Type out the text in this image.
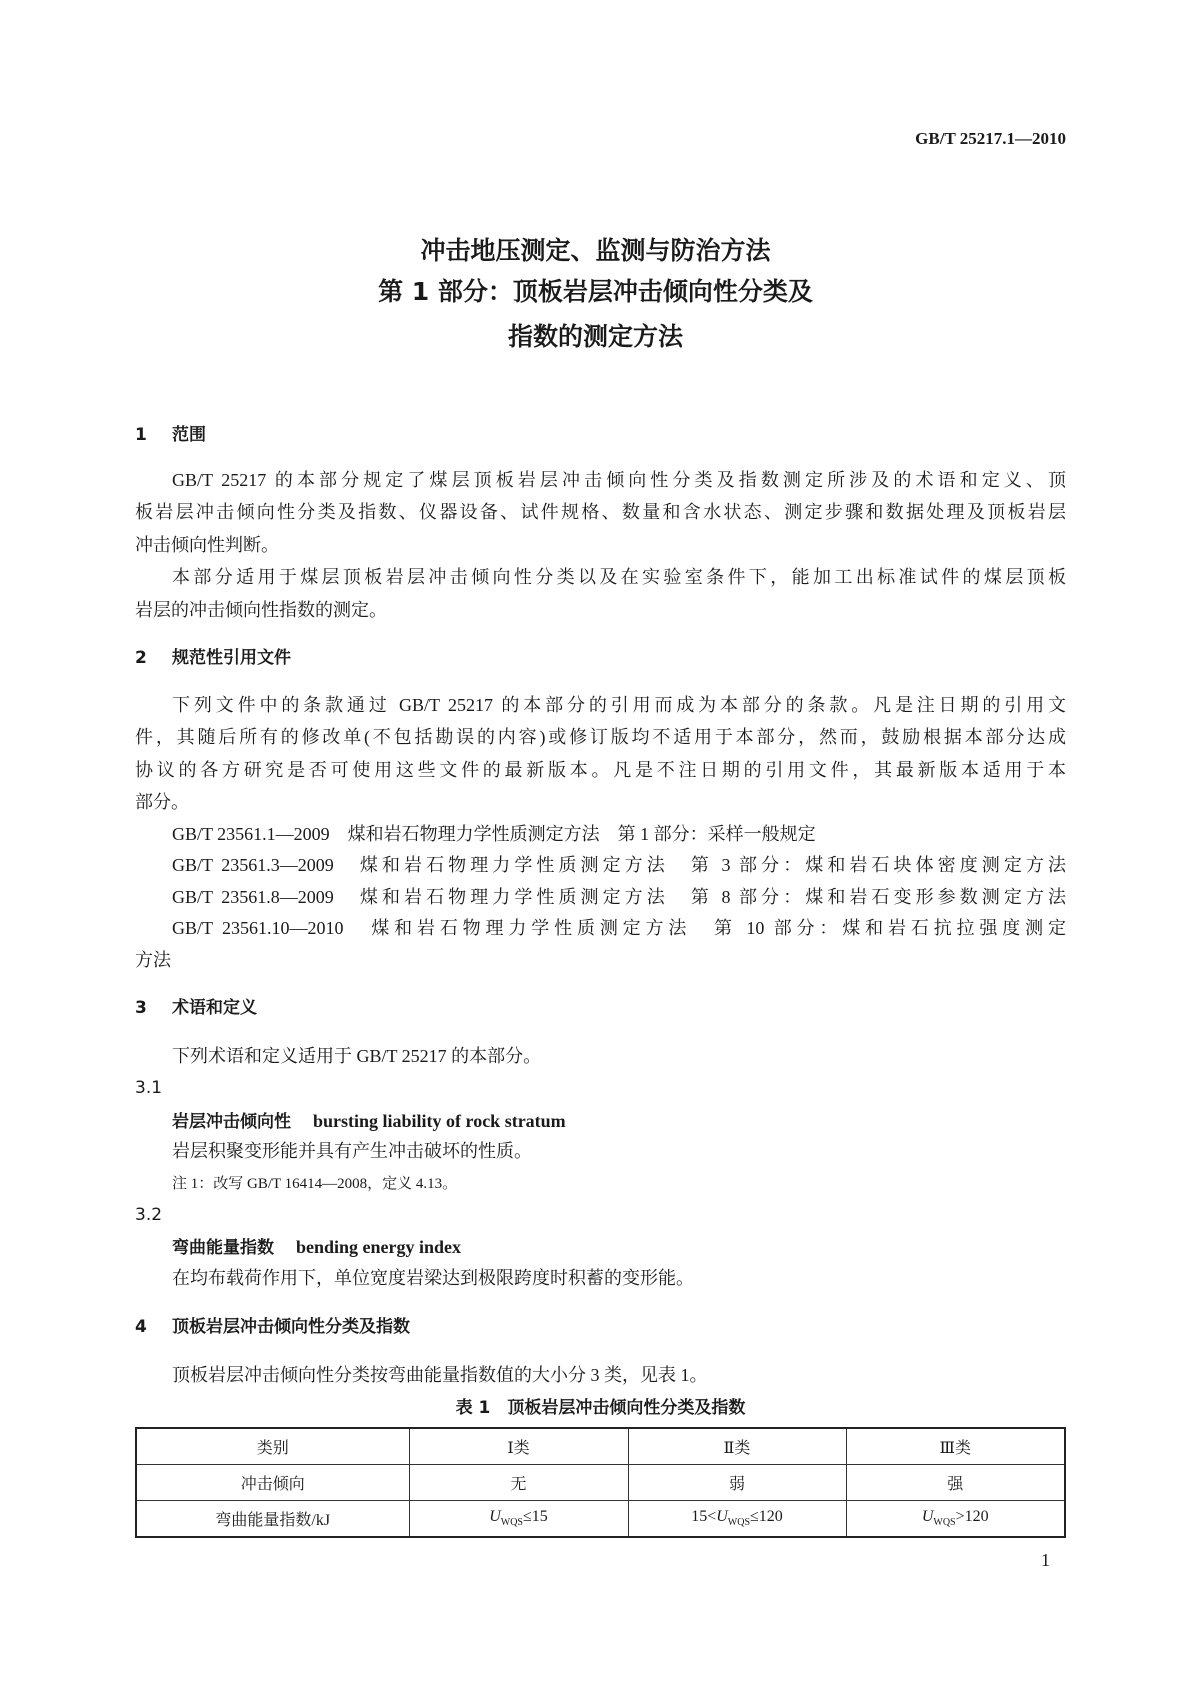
GB/T 25217.1—2010
冲击地压测定、监测与防治方法
第 1 部分：顶板岩层冲击倾向性分类及
指数的测定方法
1 范围
GB/T 25217 的本部分规定了煤层顶板岩层冲击倾向性分类及指数测定所涉及的术语和定义、顶
板岩层冲击倾向性分类及指数、仪器设备、试件规格、数量和含水状态、测定步骤和数据处理及顶板岩层
冲击倾向性判断。
本部分适用于煤层顶板岩层冲击倾向性分类以及在实验室条件下，能加工出标准试件的煤层顶板
岩层的冲击倾向性指数的测定。
2 规范性引用文件
下列文件中的条款通过 GB/T 25217 的本部分的引用而成为本部分的条款。凡是注日期的引用文
件，其随后所有的修改单(不包括勘误的内容)或修订版均不适用于本部分，然而，鼓励根据本部分达成
协议的各方研究是否可使用这些文件的最新版本。凡是不注日期的引用文件，其最新版本适用于本
部分。
GB/T 23561.1—2009　煤和岩石物理力学性质测定方法　第 1 部分：采样一般规定
GB/T 23561.3—2009　煤和岩石物理力学性质测定方法　第 3 部分：煤和岩石块体密度测定方法
GB/T 23561.8—2009　煤和岩石物理力学性质测定方法　第 8 部分：煤和岩石变形参数测定方法
GB/T 23561.10—2010　煤和岩石物理力学性质测定方法　第 10 部分：煤和岩石抗拉强度测定
方法
3 术语和定义
下列术语和定义适用于 GB/T 25217 的本部分。
3.1
岩层冲击倾向性 bursting liability of rock stratum
岩层积聚变形能并具有产生冲击破坏的性质。
注 1：改写 GB/T 16414—2008，定义 4.13。
3.2
弯曲能量指数 bending energy index
在均布载荷作用下，单位宽度岩梁达到极限跨度时积蓄的变形能。
4 顶板岩层冲击倾向性分类及指数
顶板岩层冲击倾向性分类按弯曲能量指数值的大小分 3 类，见表 1。
表 1　顶板岩层冲击倾向性分类及指数
类别	Ⅰ类	Ⅱ类	Ⅲ类
冲击倾向	无	弱	强
弯曲能量指数/kJ	$U_{WQS}\le 15$	$15<U_{WQS}\le 120$	$U_{WQS}>120$
1
